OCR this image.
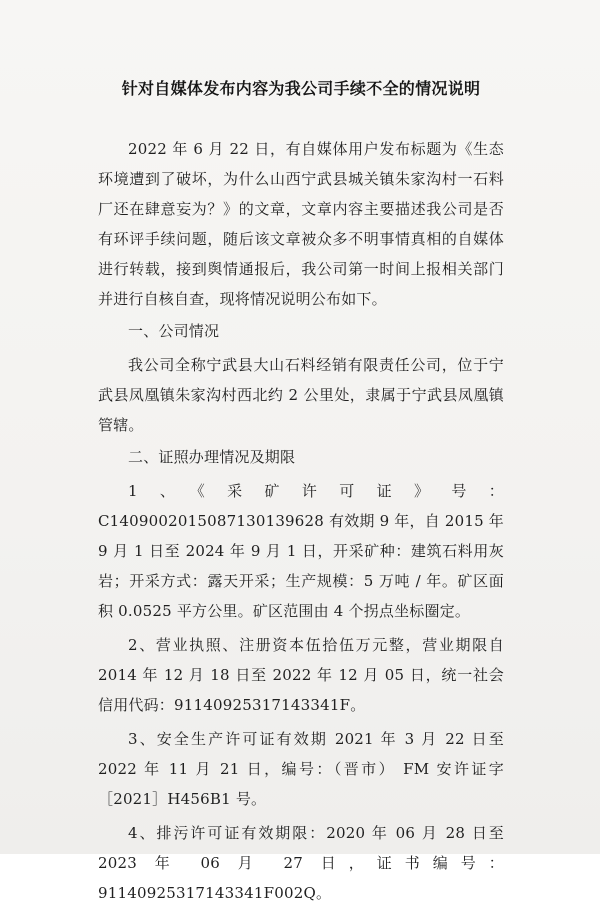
针对自媒体发布内容为我公司手续不全的情况说明

2022 年 6 月 22 日，有自媒体用户发布标题为《生态环境遭到了破坏，为什么山西宁武县城关镇朱家沟村一石料厂还在肆意妄为？》的文章，文章内容主要描述我公司是否有环评手续问题，随后该文章被众多不明事情真相的自媒体进行转载，接到舆情通报后，我公司第一时间上报相关部门并进行自核自查，现将情况说明公布如下。

一、公司情况

我公司全称宁武县大山石料经销有限责任公司，位于宁武县凤凰镇朱家沟村西北约 2 公里处，隶属于宁武县凤凰镇管辖。

二、证照办理情况及期限

1、《采矿许可证》号：C1409002015087130139628 有效期 9 年，自 2015 年 9 月 1 日至 2024 年 9 月 1 日，开采矿种：建筑石料用灰岩；开采方式：露天开采；生产规模：5 万吨 / 年。矿区面积 0.0525 平方公里。矿区范围由 4 个拐点坐标圈定。

2、营业执照、注册资本伍拾伍万元整，营业期限自 2014 年 12 月 18 日至 2022 年 12 月 05 日，统一社会信用代码：91140925317143341F。

3、安全生产许可证有效期 2021 年 3 月 22 日至 2022 年 11 月 21 日，编号：（晋市） FM 安许证字［2021］H456B1 号。

4、排污许可证有效期限：2020 年 06 月 28 日至 2023 年 06 月 27 日，证书编号：91140925317143341F002Q。
